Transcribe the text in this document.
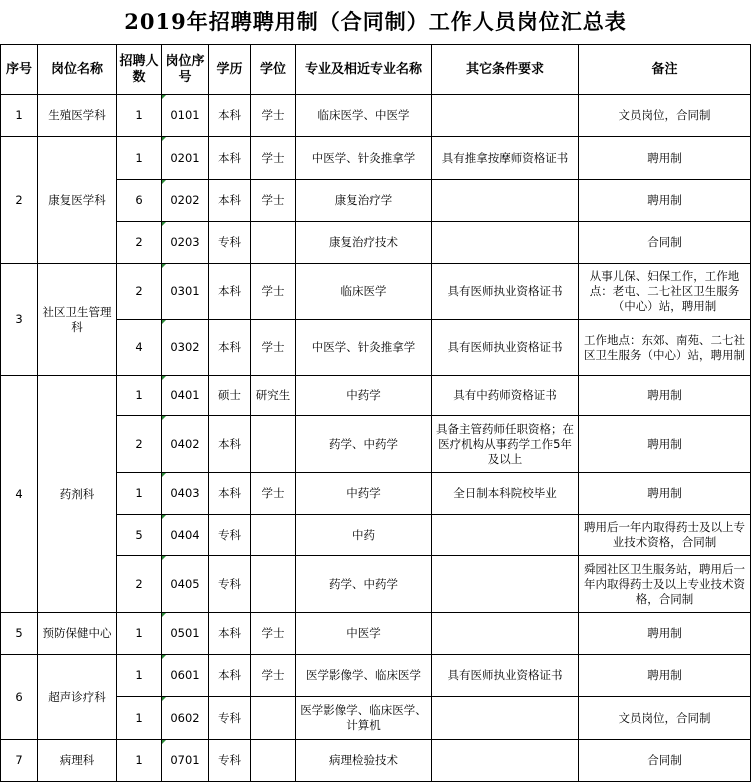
2019年招聘聘用制（合同制）工作人员岗位汇总表
序号	岗位名称	招聘人数	岗位序号	学历	学位	专业及相近专业名称	其它条件要求	备注
1	生殖医学科	1	0101	本科	学士	临床医学、中医学		文员岗位，合同制
2	康复医学科	1	0201	本科	学士	中医学、针灸推拿学	具有推拿按摩师资格证书	聘用制
		6	0202	本科	学士	康复治疗学		聘用制
		2	0203	专科		康复治疗技术		合同制
3	社区卫生管理科	2	0301	本科	学士	临床医学	具有医师执业资格证书	从事儿保、妇保工作，工作地点：老屯、二七社区卫生服务（中心）站，聘用制
		4	0302	本科	学士	中医学、针灸推拿学	具有医师执业资格证书	工作地点：东郊、南苑、二七社区卫生服务（中心）站，聘用制
4	药剂科	1	0401	硕士	研究生	中药学	具有中药师资格证书	聘用制
		2	0402	本科		药学、中药学	具备主管药师任职资格；在医疗机构从事药学工作5年及以上	聘用制
		1	0403	本科	学士	中药学	全日制本科院校毕业	聘用制
		5	0404	专科		中药		聘用后一年内取得药士及以上专业技术资格，合同制
		2	0405	专科		药学、中药学		舜园社区卫生服务站，聘用后一年内取得药士及以上专业技术资格，合同制
5	预防保健中心	1	0501	本科	学士	中医学		聘用制
6	超声诊疗科	1	0601	本科	学士	医学影像学、临床医学	具有医师执业资格证书	聘用制
		1	0602	专科		医学影像学、临床医学、计算机		文员岗位，合同制
7	病理科	1	0701	专科		病理检验技术		合同制
